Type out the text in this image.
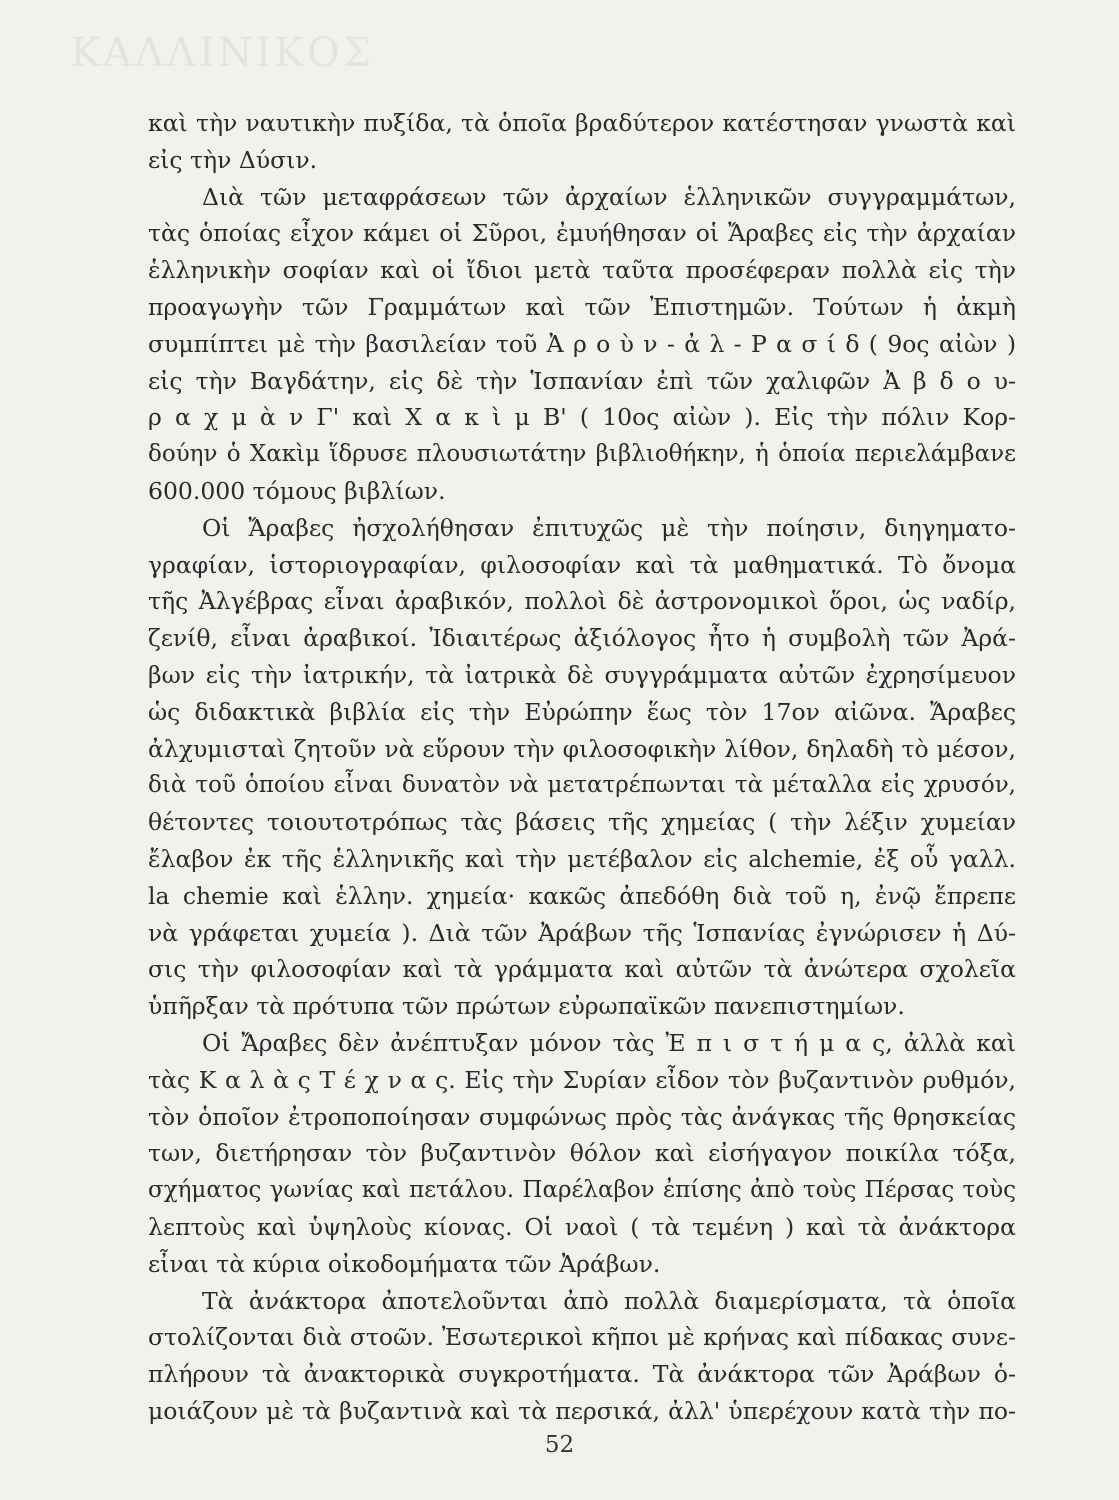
ΚΑΛΛΙΝΙΚΟΣ
καὶ τὴν ναυτικὴν πυξίδα, τὰ ὁποῖα βραδύτερον κατέστησαν γνωστὰ καὶ
εἰς τὴν Δύσιν.
Διὰ τῶν μεταφράσεων τῶν ἀρχαίων ἑλληνικῶν συγγραμμάτων,
τὰς ὁποίας εἶχον κάμει οἱ Σῦροι, ἐμυήθησαν οἱ Ἄραβες εἰς τὴν ἀρχαίαν
ἑλληνικὴν σοφίαν καὶ οἱ ἴδιοι μετὰ ταῦτα προσέφεραν πολλὰ εἰς τὴν
προαγωγὴν τῶν Γραμμάτων καὶ τῶν Ἐπιστημῶν. Τούτων ἡ ἀκμὴ
συμπίπτει μὲ τὴν βασιλείαν τοῦ Ἀ ρ ο ὺ ν - ἀ λ - Ρ α σ ί δ ( 9ος αἰὼν )
εἰς τὴν Βαγδάτην, εἰς δὲ τὴν Ἱσπανίαν ἐπὶ τῶν χαλιφῶν Ἀ β δ ο υ-
ρ α χ μ ὰ ν Γ' καὶ Χ α κ ὶ μ Β' ( 10ος αἰὼν ). Εἰς τὴν πόλιν Κορ-
δούην ὁ Χακὶμ ἵδρυσε πλουσιωτάτην βιβλιοθήκην, ἡ ὁποία περιελάμβανε
600.000 τόμους βιβλίων.
Οἱ Ἄραβες ἠσχολήθησαν ἐπιτυχῶς μὲ τὴν ποίησιν, διηγηματο-
γραφίαν, ἱστοριογραφίαν, φιλοσοφίαν καὶ τὰ μαθηματικά. Τὸ ὄνομα
τῆς Ἀλγέβρας εἶναι ἀραβικόν, πολλοὶ δὲ ἀστρονομικοὶ ὅροι, ὡς ναδίρ,
ζενίθ, εἶναι ἀραβικοί. Ἰδιαιτέρως ἀξιόλογος ἦτο ἡ συμβολὴ τῶν Ἀρά-
βων εἰς τὴν ἰατρικήν, τὰ ἰατρικὰ δὲ συγγράμματα αὐτῶν ἐχρησίμευον
ὡς διδακτικὰ βιβλία εἰς τὴν Εὐρώπην ἕως τὸν 17ον αἰῶνα. Ἄραβες
ἀλχυμισταὶ ζητοῦν νὰ εὕρουν τὴν φιλοσοφικὴν λίθον, δηλαδὴ τὸ μέσον,
διὰ τοῦ ὁποίου εἶναι δυνατὸν νὰ μετατρέπωνται τὰ μέταλλα εἰς χρυσόν,
θέτοντες τοιουτοτρόπως τὰς βάσεις τῆς χημείας ( τὴν λέξιν χυμείαν
ἔλαβον ἐκ τῆς ἑλληνικῆς καὶ τὴν μετέβαλον εἰς alchemie, ἐξ οὗ γαλλ.
la chemie καὶ ἑλλην. χημεία· κακῶς ἀπεδόθη διὰ τοῦ η, ἐνῷ ἔπρεπε
νὰ γράφεται χυμεία ). Διὰ τῶν Ἀράβων τῆς Ἱσπανίας ἐγνώρισεν ἡ Δύ-
σις τὴν φιλοσοφίαν καὶ τὰ γράμματα καὶ αὐτῶν τὰ ἀνώτερα σχολεῖα
ὑπῆρξαν τὰ πρότυπα τῶν πρώτων εὐρωπαϊκῶν πανεπιστημίων.
Οἱ Ἄραβες δὲν ἀνέπτυξαν μόνον τὰς Ἐ π ι σ τ ή μ α ς, ἀλλὰ καὶ
τὰς Κ α λ ὰ ς Τ έ χ ν α ς. Εἰς τὴν Συρίαν εἶδον τὸν βυζαντινὸν ρυθμόν,
τὸν ὁποῖον ἐτροποποίησαν συμφώνως πρὸς τὰς ἀνάγκας τῆς θρησκείας
των, διετήρησαν τὸν βυζαντινὸν θόλον καὶ εἰσήγαγον ποικίλα τόξα,
σχήματος γωνίας καὶ πετάλου. Παρέλαβον ἐπίσης ἀπὸ τοὺς Πέρσας τοὺς
λεπτοὺς καὶ ὑψηλοὺς κίονας. Οἱ ναοὶ ( τὰ τεμένη ) καὶ τὰ ἀνάκτορα
εἶναι τὰ κύρια οἰκοδομήματα τῶν Ἀράβων.
Τὰ ἀνάκτορα ἀποτελοῦνται ἀπὸ πολλὰ διαμερίσματα, τὰ ὁποῖα
στολίζονται διὰ στοῶν. Ἐσωτερικοὶ κῆποι μὲ κρήνας καὶ πίδακας συνε-
πλήρουν τὰ ἀνακτορικὰ συγκροτήματα. Τὰ ἀνάκτορα τῶν Ἀράβων ὁ-
μοιάζουν μὲ τὰ βυζαντινὰ καὶ τὰ περσικά, ἀλλ' ὑπερέχουν κατὰ τὴν πο-
52
